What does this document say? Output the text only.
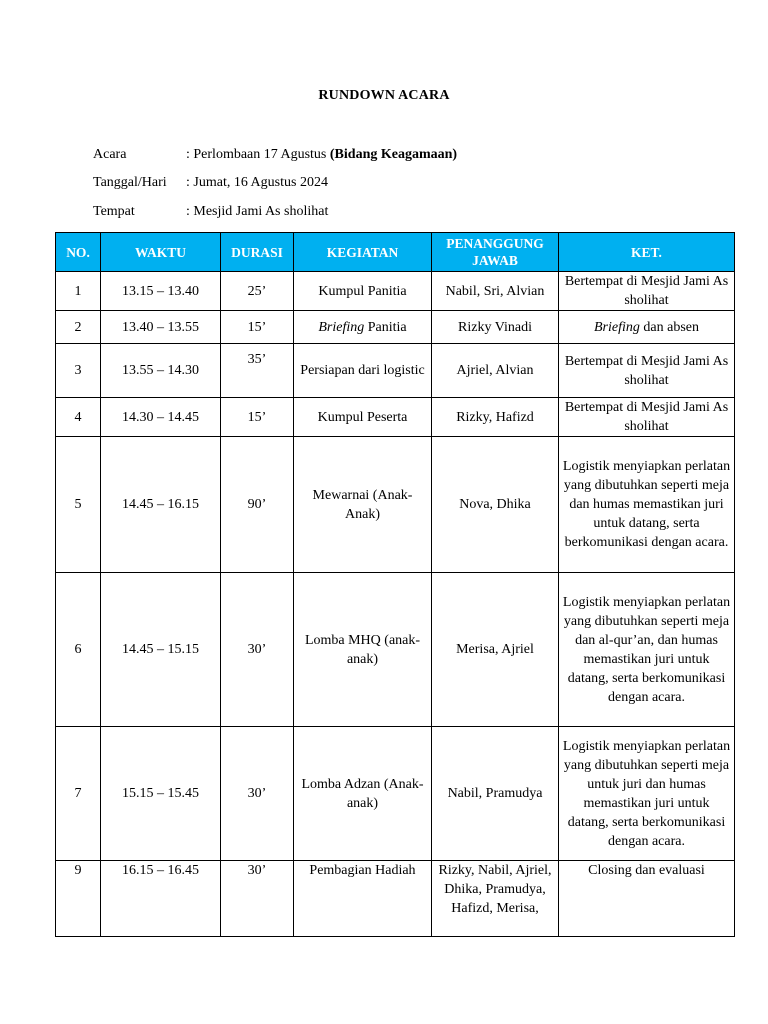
RUNDOWN ACARA
Acara	: Perlombaan 17 Agustus (Bidang Keagamaan)
Tanggal/Hari : Jumat, 16 Agustus 2024
Tempat	: Mesjid Jami As sholihat
NO.	WAKTU	DURASI	KEGIATAN	PENANGGUNG JAWAB	KET.
1	13.15 – 13.40	25’	Kumpul Panitia	Nabil, Sri, Alvian	Bertempat di Mesjid Jami As sholihat
2	13.40 – 13.55	15’	Briefing Panitia	Rizky Vinadi	Briefing dan absen
3	13.55 – 14.30	35’	Persiapan dari logistic	Ajriel, Alvian	Bertempat di Mesjid Jami As sholihat
4	14.30 – 14.45	15’	Kumpul Peserta	Rizky, Hafizd	Bertempat di Mesjid Jami As sholihat
5	14.45 – 16.15	90’	Mewarnai (Anak-Anak)	Nova, Dhika	Logistik menyiapkan perlatan yang dibutuhkan seperti meja dan humas memastikan juri untuk datang, serta berkomunikasi dengan acara.
6	14.45 – 15.15	30’	Lomba MHQ (anak-anak)	Merisa, Ajriel	Logistik menyiapkan perlatan yang dibutuhkan seperti meja dan al-qur’an, dan humas memastikan juri untuk datang, serta berkomunikasi dengan acara.
7	15.15 – 15.45	30’	Lomba Adzan (Anak-anak)	Nabil, Pramudya	Logistik menyiapkan perlatan yang dibutuhkan seperti meja untuk juri dan humas memastikan juri untuk datang, serta berkomunikasi dengan acara.
9	16.15 – 16.45	30’	Pembagian Hadiah	Rizky, Nabil, Ajriel, Dhika, Pramudya, Hafizd, Merisa,	Closing dan evaluasi
